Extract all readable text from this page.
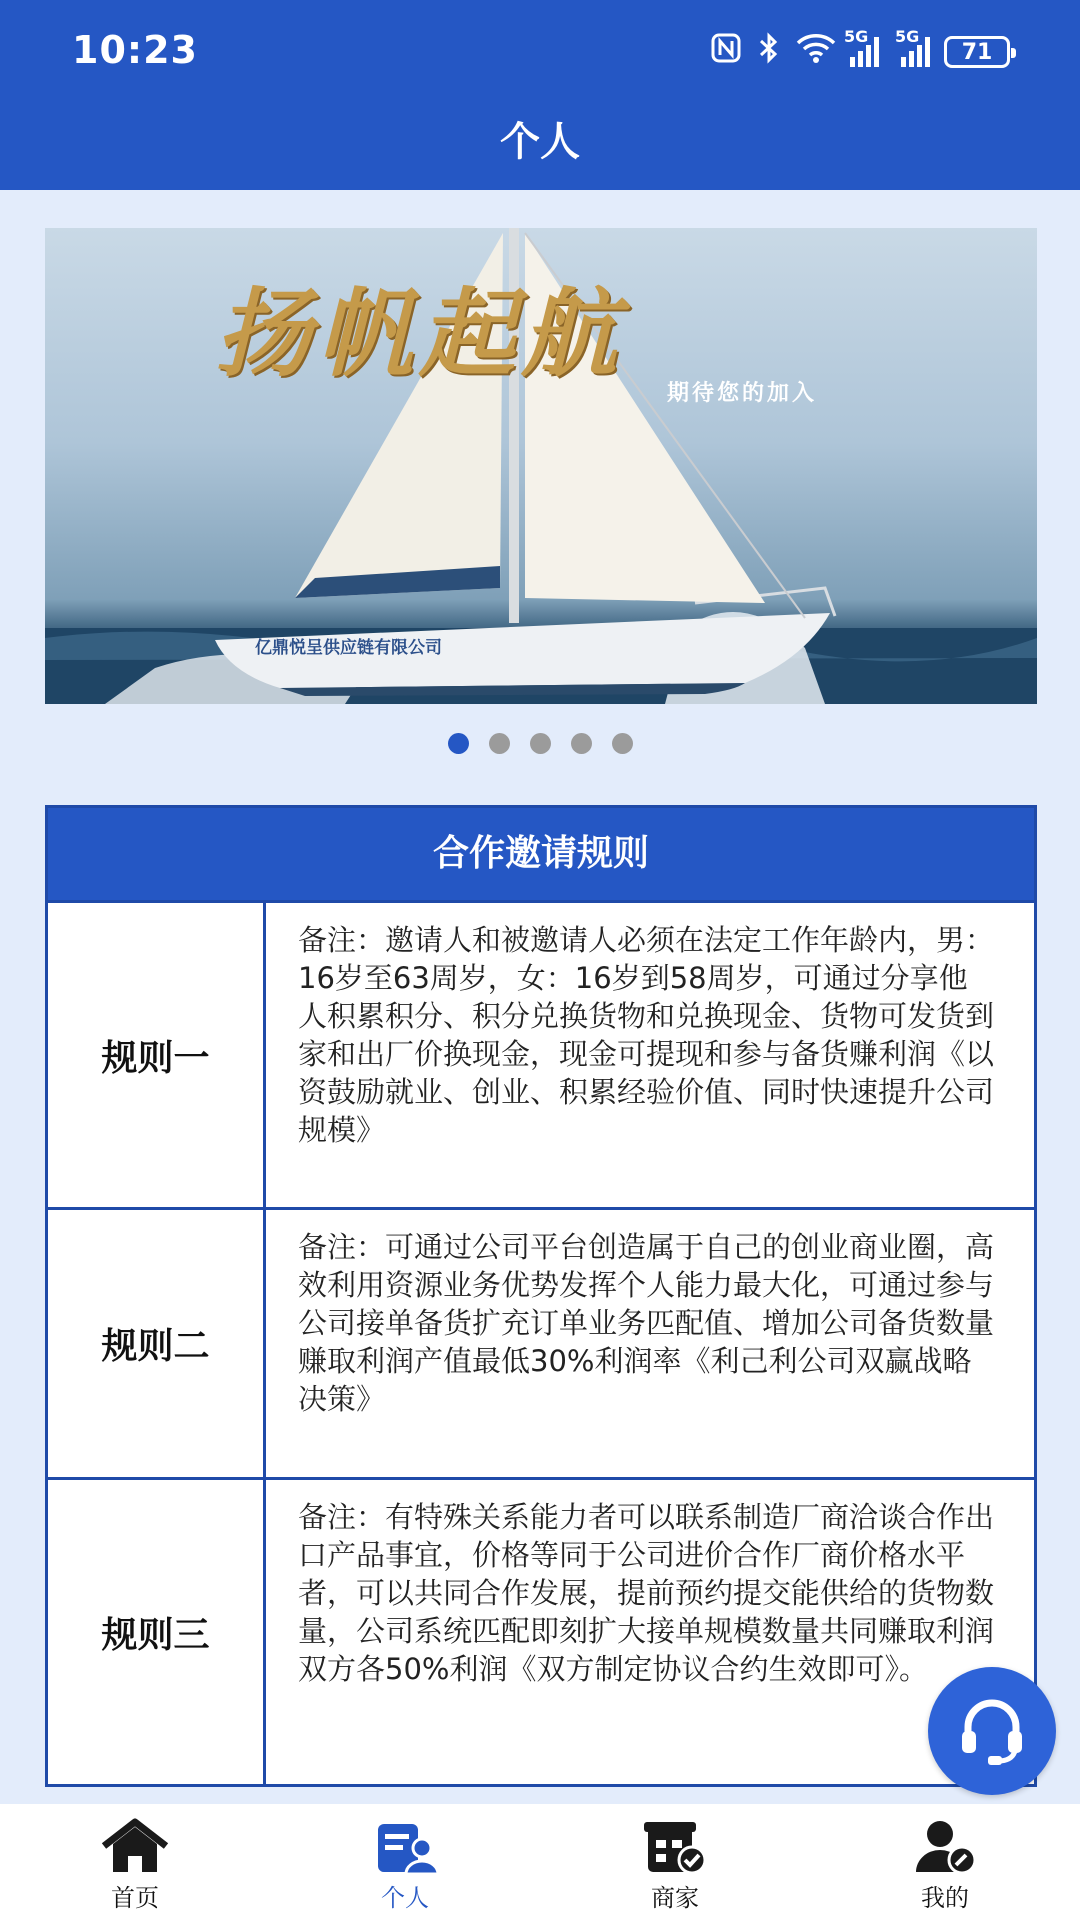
10:23	5G 5G
71
个人
扬帆起航
期待您的加入
亿鼎悦呈供应链有限公司
合作邀请规则
规则一
备注：邀请人和被邀请人必须在法定工作年龄内，男：16岁至63周岁，女：16岁到58周岁，可通过分享他人积累积分、积分兑换货物和兑换现金、货物可发货到家和出厂价换现金，现金可提现和参与备货赚利润《以资鼓励就业、创业、积累经验价值、同时快速提升公司规模》
规则二
备注：可通过公司平台创造属于自己的创业商业圈，高效利用资源业务优势发挥个人能力最大化，可通过参与公司接单备货扩充订单业务匹配值、增加公司备货数量赚取利润产值最低30%利润率《利己利公司双赢战略决策》
规则三
备注：有特殊关系能力者可以联系制造厂商洽谈合作出口产品事宜，价格等同于公司进价合作厂商价格水平者，可以共同合作发展，提前预约提交能供给的货物数量，公司系统匹配即刻扩大接单规模数量共同赚取利润双方各50%利润《双方制定协议合约生效即可》。
首页	个人	商家	我的
